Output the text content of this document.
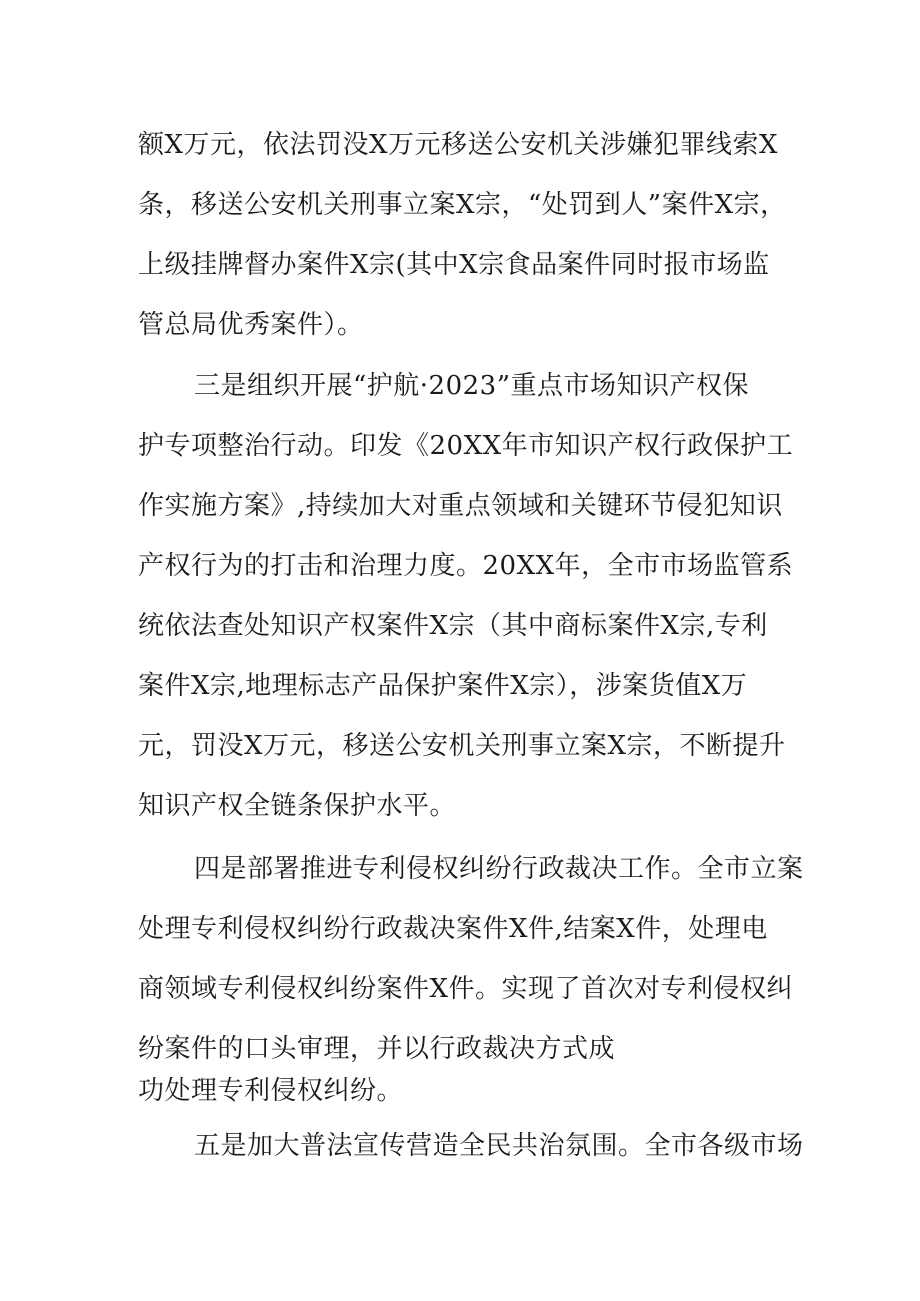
额X万元，依法罚没X万元移送公安机关涉嫌犯罪线索X
条，移送公安机关刑事立案X宗，“处罚到人”案件X宗，
上级挂牌督办案件X宗(其中X宗食品案件同时报市场监
管总局优秀案件）。
三是组织开展“护航·2023”重点市场知识产权保
护专项整治行动。印发《20XX年市知识产权行政保护工
作实施方案》,持续加大对重点领域和关键环节侵犯知识
产权行为的打击和治理力度。20XX年，全市市场监管系
统依法查处知识产权案件X宗（其中商标案件X宗,专利
案件X宗,地理标志产品保护案件X宗），涉案货值X万
元，罚没X万元，移送公安机关刑事立案X宗，不断提升
知识产权全链条保护水平。
四是部署推进专利侵权纠纷行政裁决工作。全市立案
处理专利侵权纠纷行政裁决案件X件,结案X件，处理电
商领域专利侵权纠纷案件X件。实现了首次对专利侵权纠
纷案件的口头审理，并以行政裁决方式成
功处理专利侵权纠纷。
五是加大普法宣传营造全民共治氛围。全市各级市场
